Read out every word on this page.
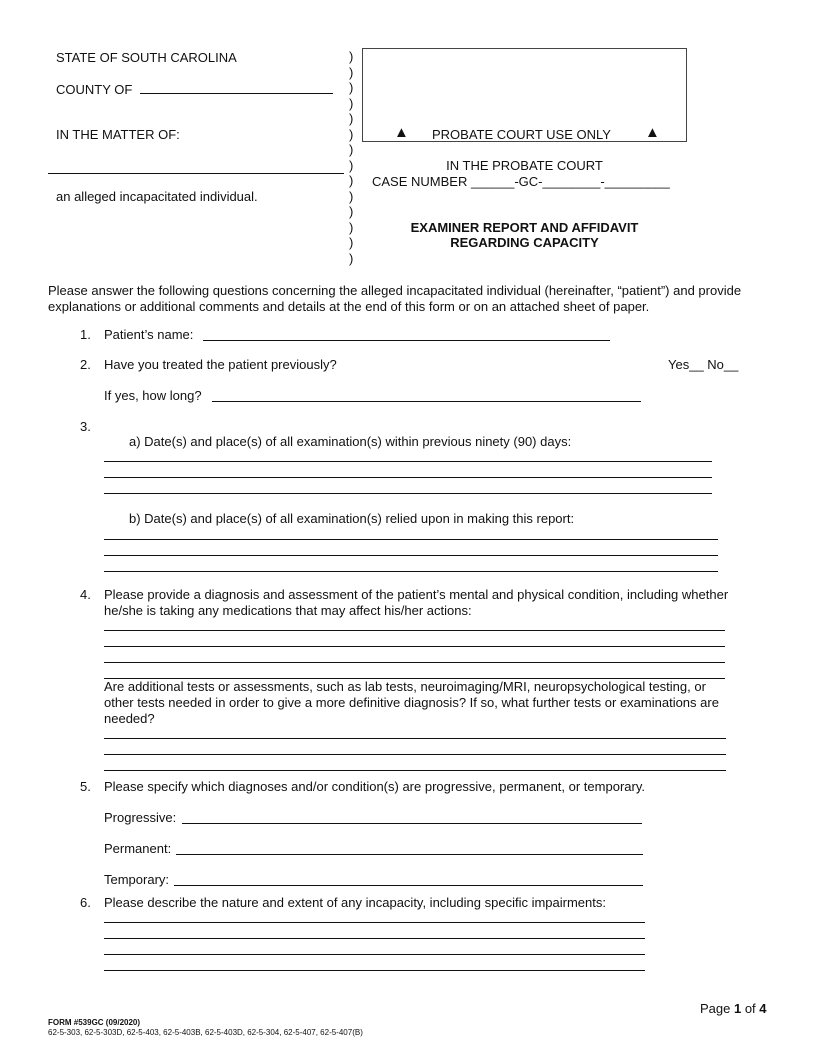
STATE OF SOUTH CAROLINA
COUNTY OF
IN THE MATTER OF:
an alleged incapacitated individual.
)
)
)
)
)
)
)
)
)
)
)
)
)
)
▲ PROBATE COURT USE ONLY ▲
IN THE PROBATE COURT
CASE NUMBER ______-GC-________-_________
EXAMINER REPORT AND AFFIDAVIT
REGARDING CAPACITY
Please answer the following questions concerning the alleged incapacitated individual (hereinafter, “patient”) and provide explanations or additional comments and details at the end of this form or on an attached sheet of paper.
1. Patient’s name:
2. Have you treated the patient previously?	Yes__ No__
If yes, how long?
3.
a) Date(s) and place(s) of all examination(s) within previous ninety (90) days:
b) Date(s) and place(s) of all examination(s) relied upon in making this report:
4. Please provide a diagnosis and assessment of the patient’s mental and physical condition, including whether he/she is taking any medications that may affect his/her actions:
Are additional tests or assessments, such as lab tests, neuroimaging/MRI, neuropsychological testing, or other tests needed in order to give a more definitive diagnosis? If so, what further tests or examinations are needed?
5. Please specify which diagnoses and/or condition(s) are progressive, permanent, or temporary.
Progressive:
Permanent:
Temporary:
6. Please describe the nature and extent of any incapacity, including specific impairments:
Page 1 of 4
FORM #539GC (09/2020)
62-5-303, 62-5-303D, 62-5-403, 62-5-403B, 62-5-403D, 62-5-304, 62-5-407, 62-5-407(B)
